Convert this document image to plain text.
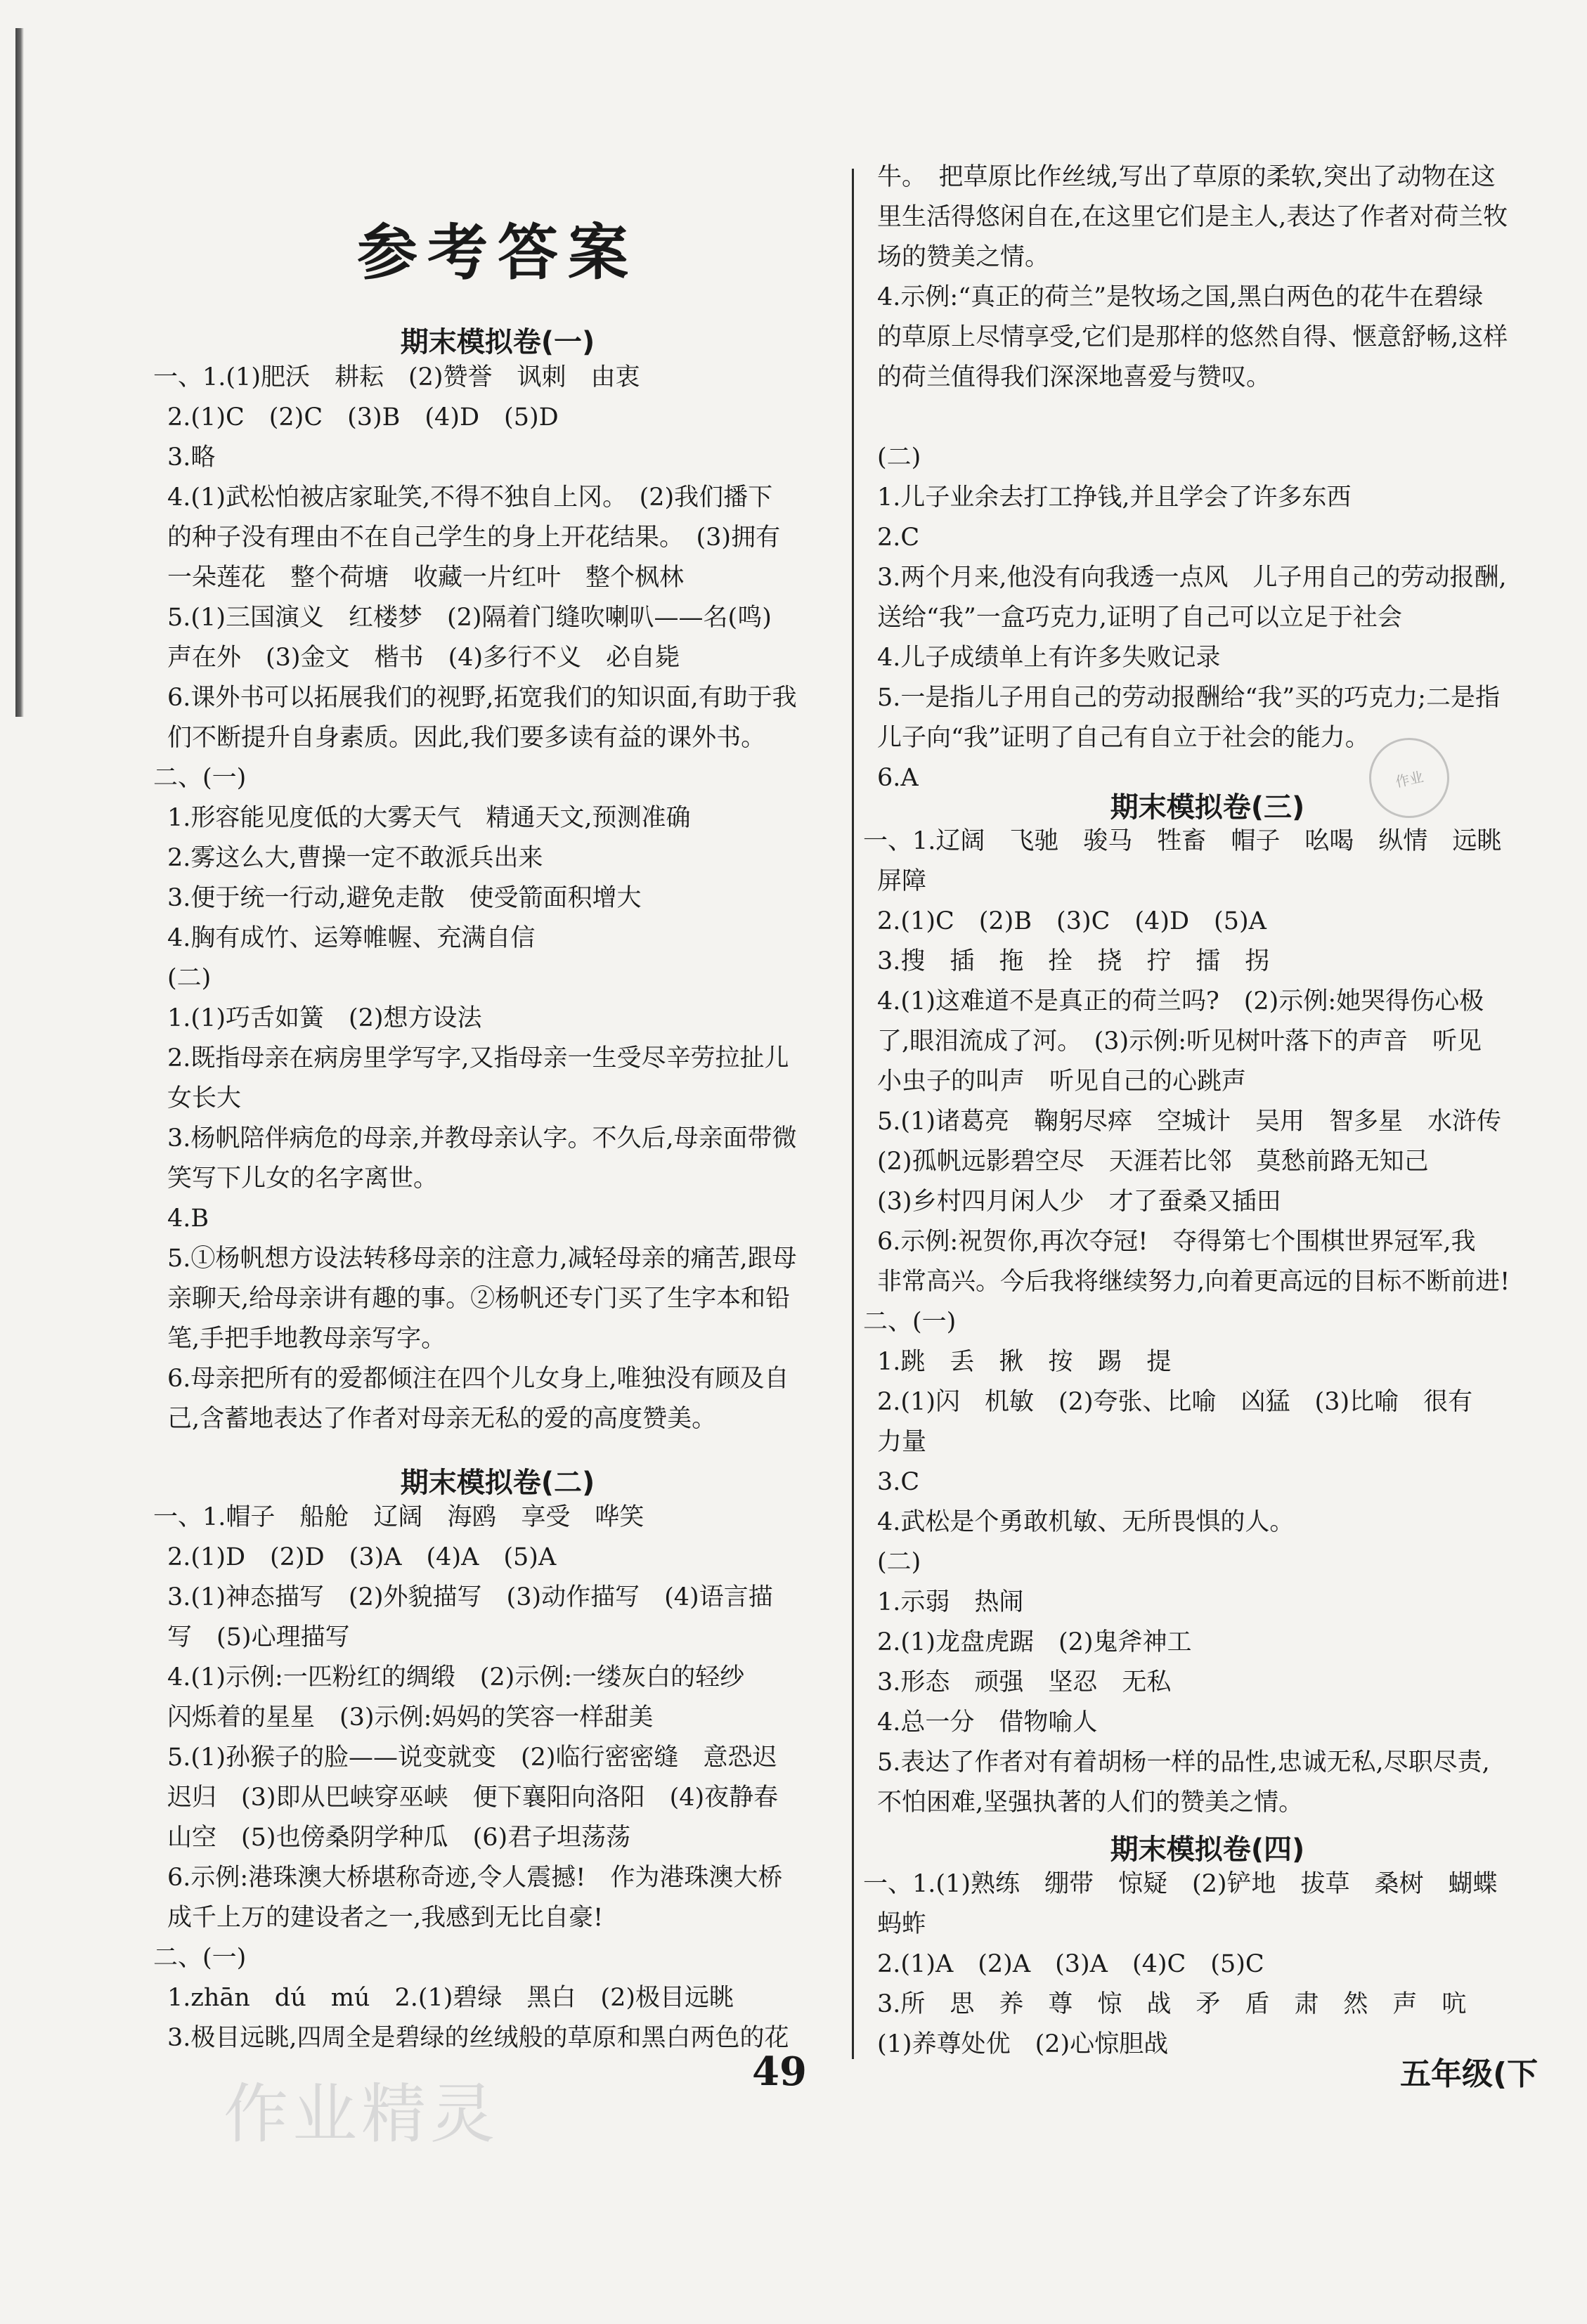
参考答案
期末模拟卷(一)
期末模拟卷(二)
一、1.(1)肥沃　耕耘　(2)赞誉　讽刺　由衷
2.(1)C　(2)C　(3)B　(4)D　(5)D
3.略
4.(1)武松怕被店家耻笑,不得不独自上冈。　(2)我们播下
的种子没有理由不在自己学生的身上开花结果。　(3)拥有
一朵莲花　整个荷塘　收藏一片红叶　整个枫林
5.(1)三国演义　红楼梦　(2)隔着门缝吹喇叭——名(鸣)
声在外　(3)金文　楷书　(4)多行不义　必自毙
6.课外书可以拓展我们的视野,拓宽我们的知识面,有助于我
们不断提升自身素质。因此,我们要多读有益的课外书。
二、(一)
1.形容能见度低的大雾天气　精通天文,预测准确
2.雾这么大,曹操一定不敢派兵出来
3.便于统一行动,避免走散　使受箭面积增大
4.胸有成竹、运筹帷幄、充满自信
(二)
1.(1)巧舌如簧　(2)想方设法
2.既指母亲在病房里学写字,又指母亲一生受尽辛劳拉扯儿
女长大
3.杨帆陪伴病危的母亲,并教母亲认字。不久后,母亲面带微
笑写下儿女的名字离世。
4.B
5.①杨帆想方设法转移母亲的注意力,减轻母亲的痛苦,跟母
亲聊天,给母亲讲有趣的事。②杨帆还专门买了生字本和铅
笔,手把手地教母亲写字。
6.母亲把所有的爱都倾注在四个儿女身上,唯独没有顾及自
己,含蓄地表达了作者对母亲无私的爱的高度赞美。
一、1.帽子　船舱　辽阔　海鸥　享受　哗笑
2.(1)D　(2)D　(3)A　(4)A　(5)A
3.(1)神态描写　(2)外貌描写　(3)动作描写　(4)语言描
写　(5)心理描写
4.(1)示例:一匹粉红的绸缎　(2)示例:一缕灰白的轻纱
闪烁着的星星　(3)示例:妈妈的笑容一样甜美
5.(1)孙猴子的脸——说变就变　(2)临行密密缝　意恐迟
迟归　(3)即从巴峡穿巫峡　便下襄阳向洛阳　(4)夜静春
山空　(5)也傍桑阴学种瓜　(6)君子坦荡荡
6.示例:港珠澳大桥堪称奇迹,令人震撼!　作为港珠澳大桥
成千上万的建设者之一,我感到无比自豪!
二、(一)
1.zhān　dú　mú　2.(1)碧绿　黑白　(2)极目远眺
3.极目远眺,四周全是碧绿的丝绒般的草原和黑白两色的花
牛。　把草原比作丝绒,写出了草原的柔软,突出了动物在这
里生活得悠闲自在,在这里它们是主人,表达了作者对荷兰牧
场的赞美之情。
4.示例:“真正的荷兰”是牧场之国,黑白两色的花牛在碧绿
的草原上尽情享受,它们是那样的悠然自得、惬意舒畅,这样
的荷兰值得我们深深地喜爱与赞叹。
(二)
1.儿子业余去打工挣钱,并且学会了许多东西
2.C
3.两个月来,他没有向我透一点风　儿子用自己的劳动报酬,
送给“我”一盒巧克力,证明了自己可以立足于社会
4.儿子成绩单上有许多失败记录
5.一是指儿子用自己的劳动报酬给“我”买的巧克力;二是指
儿子向“我”证明了自己有自立于社会的能力。
6.A
期末模拟卷(三)
一、1.辽阔　飞驰　骏马　牲畜　帽子　吆喝　纵情　远眺
屏障
2.(1)C　(2)B　(3)C　(4)D　(5)A
3.搜　插　拖　拴　挠　拧　擂　拐
4.(1)这难道不是真正的荷兰吗?　(2)示例:她哭得伤心极
了,眼泪流成了河。　(3)示例:听见树叶落下的声音　听见
小虫子的叫声　听见自己的心跳声
5.(1)诸葛亮　鞠躬尽瘁　空城计　吴用　智多星　水浒传
(2)孤帆远影碧空尽　天涯若比邻　莫愁前路无知己
(3)乡村四月闲人少　才了蚕桑又插田
6.示例:祝贺你,再次夺冠!　夺得第七个围棋世界冠军,我
非常高兴。今后我将继续努力,向着更高远的目标不断前进!
二、(一)
1.跳　丢　揪　按　踢　提
2.(1)闪　机敏　(2)夸张、比喻　凶猛　(3)比喻　很有
力量
3.C
4.武松是个勇敢机敏、无所畏惧的人。
(二)
1.示弱　热闹
2.(1)龙盘虎踞　(2)鬼斧神工
3.形态　顽强　坚忍　无私
4.总一分　借物喻人
5.表达了作者对有着胡杨一样的品性,忠诚无私,尽职尽责,
不怕困难,坚强执著的人们的赞美之情。
期末模拟卷(四)
一、1.(1)熟练　绷带　惊疑　(2)铲地　拔草　桑树　蝴蝶
蚂蚱
2.(1)A　(2)A　(3)A　(4)C　(5)C
3.所　思　养　尊　惊　战　矛　盾　肃　然　声　吭
(1)养尊处优　(2)心惊胆战
作业
49	五年级(下
作业精灵
